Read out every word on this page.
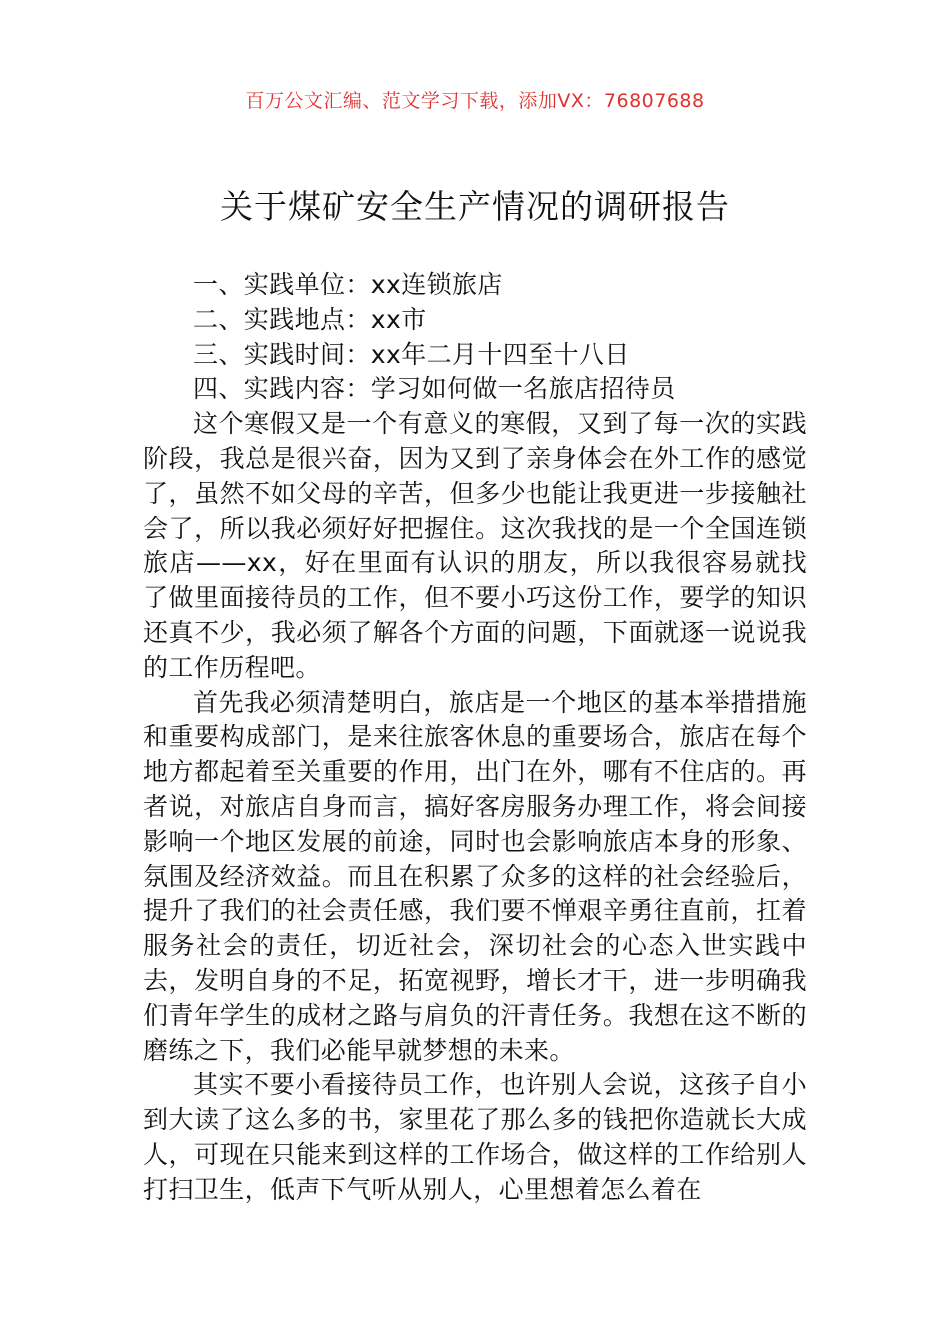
百万公文汇编、范文学习下载，添加VX：76807688
关于煤矿安全生产情况的调研报告

一、实践单位：xx连锁旅店

二、实践地点：xx市

三、实践时间：xx年二月十四至十八日

四、实践内容：学习如何做一名旅店招待员

这个寒假又是一个有意义的寒假，又到了每一次的实践阶段，我总是很兴奋，因为又到了亲身体会在外工作的感觉了，虽然不如父母的辛苦，但多少也能让我更进一步接触社会了，所以我必须好好把握住。这次我找的是一个全国连锁旅店——xx，好在里面有认识的朋友，所以我很容易就找了做里面接待员的工作，但不要小巧这份工作，要学的知识还真不少，我必须了解各个方面的问题，下面就逐一说说我的工作历程吧。

首先我必须清楚明白，旅店是一个地区的基本举措措施和重要构成部门，是来往旅客休息的重要场合，旅店在每个地方都起着至关重要的作用，出门在外，哪有不住店的。再者说，对旅店自身而言，搞好客房服务办理工作，将会间接影响一个地区发展的前途，同时也会影响旅店本身的形象、氛围及经济效益。而且在积累了众多的这样的社会经验后，提升了我们的社会责任感，我们要不惮艰辛勇往直前，扛着服务社会的责任，切近社会，深切社会的心态入世实践中去，发明自身的不足，拓宽视野，增长才干，进一步明确我们青年学生的成材之路与肩负的汗青任务。我想在这不断的磨练之下，我们必能早就梦想的未来。

其实不要小看接待员工作，也许别人会说，这孩子自小到大读了这么多的书，家里花了那么多的钱把你造就长大成人，可现在只能来到这样的工作场合，做这样的工作给别人打扫卫生，低声下气听从别人，心里想着怎么着在
